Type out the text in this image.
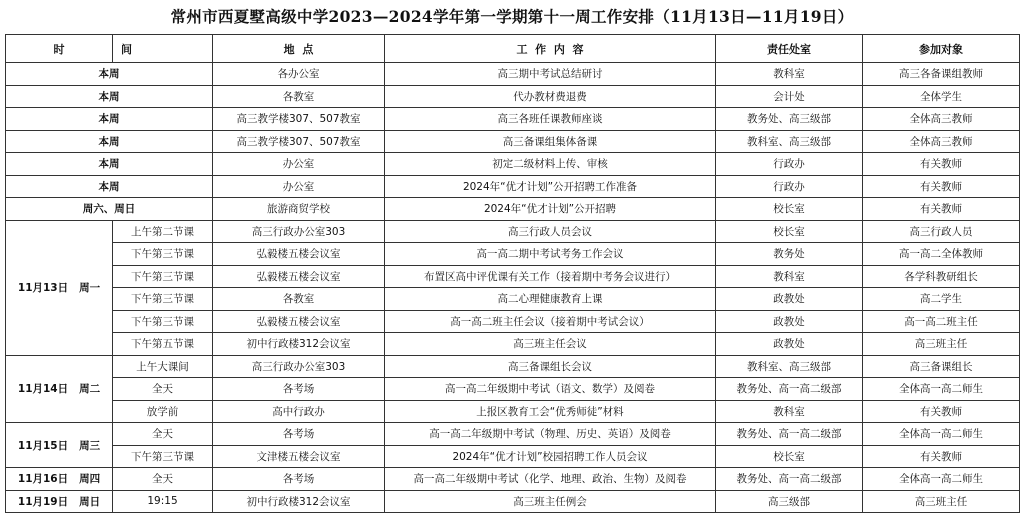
常州市西夏墅高级中学2023—2024学年第一学期第十一周工作安排（11月13日—11月19日）
时	间	地  点	工  作  内  容	责任处室	参加对象
本周		各办公室	高三期中考试总结研讨	教科室	高三各备课组教师
本周		各教室	代办教材费退费	会计处	全体学生
本周		高三教学楼307、507教室	高三各班任课教师座谈	教务处、高三级部	全体高三教师
本周		高三教学楼307、507教室	高三备课组集体备课	教科室、高三级部	全体高三教师
本周		办公室	初定二级材料上传、审核	行政办	有关教师
本周		办公室	2024年“优才计划”公开招聘工作准备	行政办	有关教师
周六、周日		旅游商贸学校	2024年“优才计划”公开招聘	校长室	有关教师
11月13日   周一	上午第二节课	高三行政办公室303	高三行政人员会议	校长室	高三行政人员
	下午第三节课	弘毅楼五楼会议室	高一高二期中考试考务工作会议	教务处	高一高二全体教师
	下午第三节课	弘毅楼五楼会议室	布置区高中评优课有关工作（接着期中考务会议进行）	教科室	各学科教研组长
	下午第三节课	各教室	高二心理健康教育上课	政教处	高二学生
	下午第三节课	弘毅楼五楼会议室	高一高二班主任会议（接着期中考试会议）	政教处	高一高二班主任
	下午第五节课	初中行政楼312会议室	高三班主任会议	政教处	高三班主任
11月14日   周二	上午大课间	高三行政办公室303	高三备课组长会议	教科室、高三级部	高三备课组长
	全天	各考场	高一高二年级期中考试（语文、数学）及阅卷	教务处、高一高二级部	全体高一高二师生
	放学前	高中行政办	上报区教育工会“优秀师徒”材料	教科室	有关教师
11月15日   周三	全天	各考场	高一高二年级期中考试（物理、历史、英语）及阅卷	教务处、高一高二级部	全体高一高二师生
	下午第三节课	文津楼五楼会议室	2024年“优才计划”校园招聘工作人员会议	校长室	有关教师
11月16日   周四	全天	各考场	高一高二年级期中考试（化学、地理、政治、生物）及阅卷	教务处、高一高二级部	全体高一高二师生
11月19日   周日	19:15	初中行政楼312会议室	高三班主任例会	高三级部	高三班主任
